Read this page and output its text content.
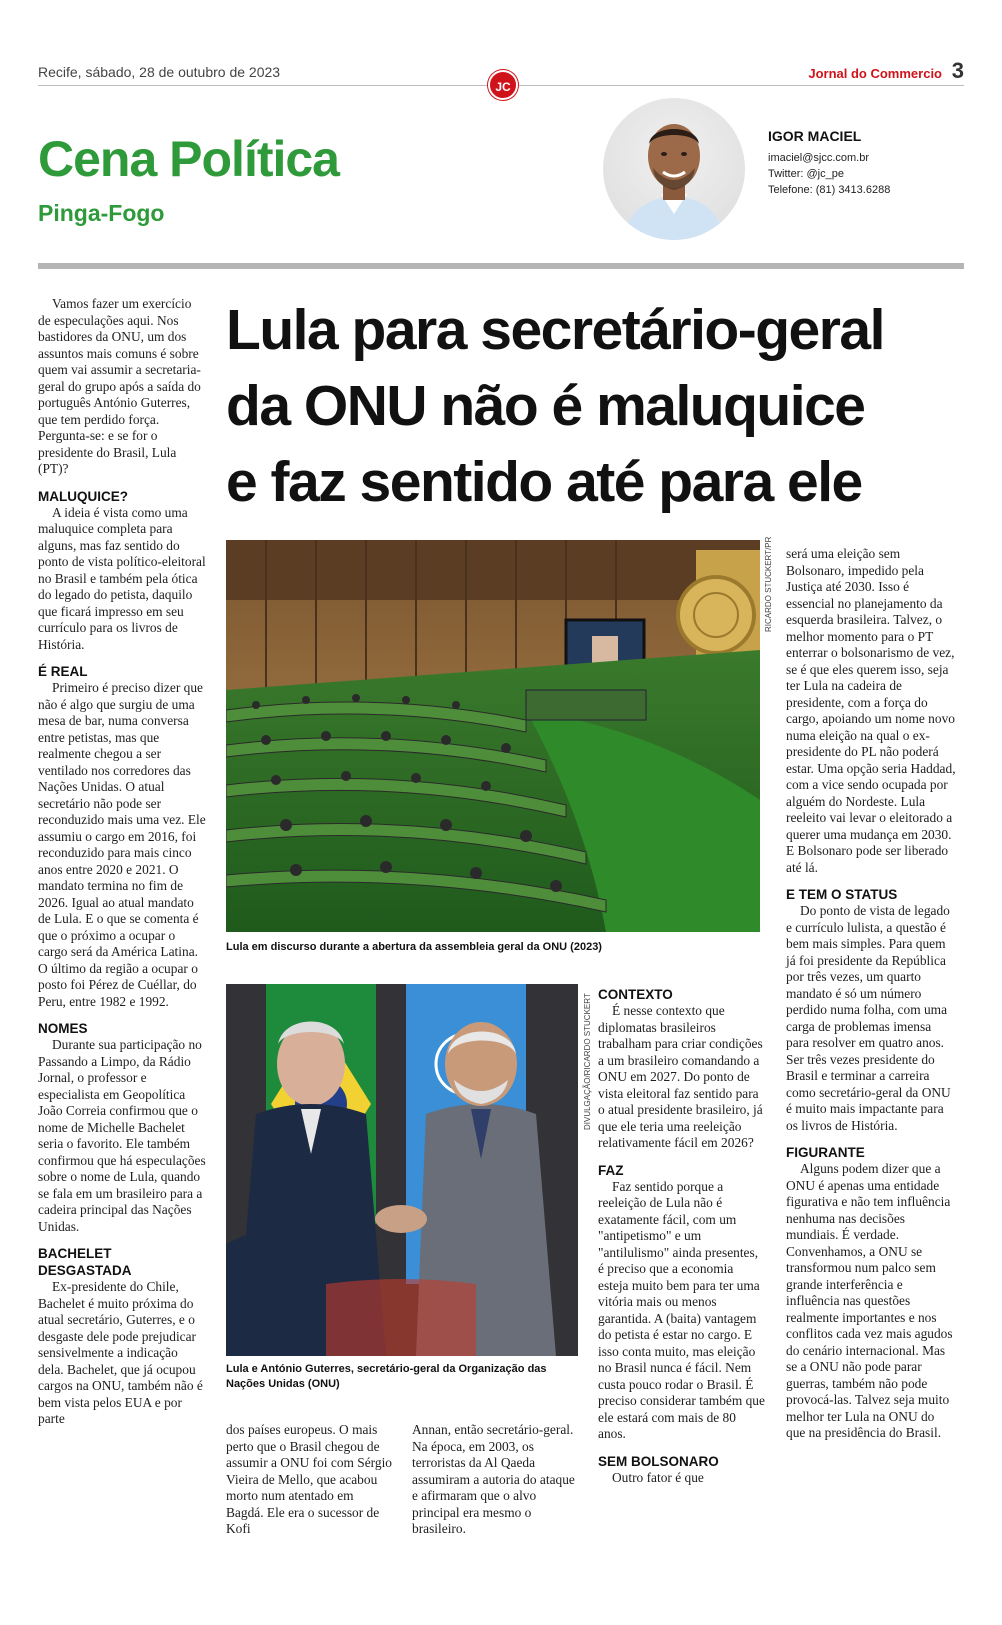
Recife, sábado, 28 de outubro de 2023	Jornal do Commercio 3
JC
Cena Política
Pinga-Fogo
IGOR MACIEL
imaciel@sjcc.com.br
Twitter: @jc_pe
Telefone: (81) 3413.6288

Vamos fazer um exercício de especulações aqui. Nos bastidores da ONU, um dos assuntos mais comuns é sobre quem vai assumir a secretaria-geral do grupo após a saída do português António Guterres, que tem perdido força. Pergunta-se: e se for o presidente do Brasil, Lula (PT)?

MALUQUICE?

A ideia é vista como uma maluquice completa para alguns, mas faz sentido do ponto de vista político-eleitoral no Brasil e também pela ótica do legado do petista, daquilo que ficará impresso em seu currículo para os livros de História.

É REAL

Primeiro é preciso dizer que não é algo que surgiu de uma mesa de bar, numa conversa entre petistas, mas que realmente chegou a ser ventilado nos corredores das Nações Unidas. O atual secretário não pode ser reconduzido mais uma vez. Ele assumiu o cargo em 2016, foi reconduzido para mais cinco anos entre 2020 e 2021. O mandato termina no fim de 2026. Igual ao atual mandato de Lula. E o que se comenta é que o próximo a ocupar o cargo será da América Latina. O último da região a ocupar o posto foi Pérez de Cuéllar, do Peru, entre 1982 e 1992.

NOMES

Durante sua participação no Passando a Limpo, da Rádio Jornal, o professor e especialista em Geopolítica João Correia confirmou que o nome de Michelle Bachelet seria o favorito. Ele também confirmou que há especulações sobre o nome de Lula, quando se fala em um brasileiro para a cadeira principal das Nações Unidas.

BACHELET DESGASTADA

Ex-presidente do Chile, Bachelet é muito próxima do atual secretário, Guterres, e o desgaste dele pode prejudicar sensivelmente a indicação dela. Bachelet, que já ocupou cargos na ONU, também não é bem vista pelos EUA e por parte

Lula para secretário-geral
da ONU não é maluquice
e faz sentido até para ele
RICARDO STUCKERT/PR
Lula em discurso durante a abertura da assembleia geral da ONU (2023)
DIVULGAÇÃO/RICARDO STUCKERT
Lula e António Guterres, secretário-geral da Organização das Nações Unidas (ONU)

dos países europeus. O mais perto que o Brasil chegou de assumir a ONU foi com Sérgio Vieira de Mello, que acabou morto num atentado em Bagdá. Ele era o sucessor de Kofi

Annan, então secretário-geral. Na época, em 2003, os terroristas da Al Qaeda assumiram a autoria do ataque e afirmaram que o alvo principal era mesmo o brasileiro.

CONTEXTO

É nesse contexto que diplomatas brasileiros trabalham para criar condições a um brasileiro comandando a ONU em 2027. Do ponto de vista eleitoral faz sentido para o atual presidente brasileiro, já que ele teria uma reeleição relativamente fácil em 2026?

FAZ

Faz sentido porque a reeleição de Lula não é exatamente fácil, com um "antipetismo" e um "antilulismo" ainda presentes, é preciso que a economia esteja muito bem para ter uma vitória mais ou menos garantida. A (baita) vantagem do petista é estar no cargo. E isso conta muito, mas eleição no Brasil nunca é fácil. Nem custa pouco rodar o Brasil. É preciso considerar também que ele estará com mais de 80 anos.

SEM BOLSONARO

Outro fator é que

será uma eleição sem Bolsonaro, impedido pela Justiça até 2030. Isso é essencial no planejamento da esquerda brasileira. Talvez, o melhor momento para o PT enterrar o bolsonarismo de vez, se é que eles querem isso, seja ter Lula na cadeira de presidente, com a força do cargo, apoiando um nome novo numa eleição na qual o ex-presidente do PL não poderá estar. Uma opção seria Haddad, com a vice sendo ocupada por alguém do Nordeste. Lula reeleito vai levar o eleitorado a querer uma mudança em 2030. E Bolsonaro pode ser liberado até lá.

E TEM O STATUS

Do ponto de vista de legado e currículo lulista, a questão é bem mais simples. Para quem já foi presidente da República por três vezes, um quarto mandato é só um número perdido numa folha, com uma carga de problemas imensa para resolver em quatro anos. Ser três vezes presidente do Brasil e terminar a carreira como secretário-geral da ONU é muito mais impactante para os livros de História.

FIGURANTE

Alguns podem dizer que a ONU é apenas uma entidade figurativa e não tem influência nenhuma nas decisões mundiais. É verdade. Convenhamos, a ONU se transformou num palco sem grande interferência e influência nas questões realmente importantes e nos conflitos cada vez mais agudos do cenário internacional. Mas se a ONU não pode parar guerras, também não pode provocá-las. Talvez seja muito melhor ter Lula na ONU do que na presidência do Brasil.
